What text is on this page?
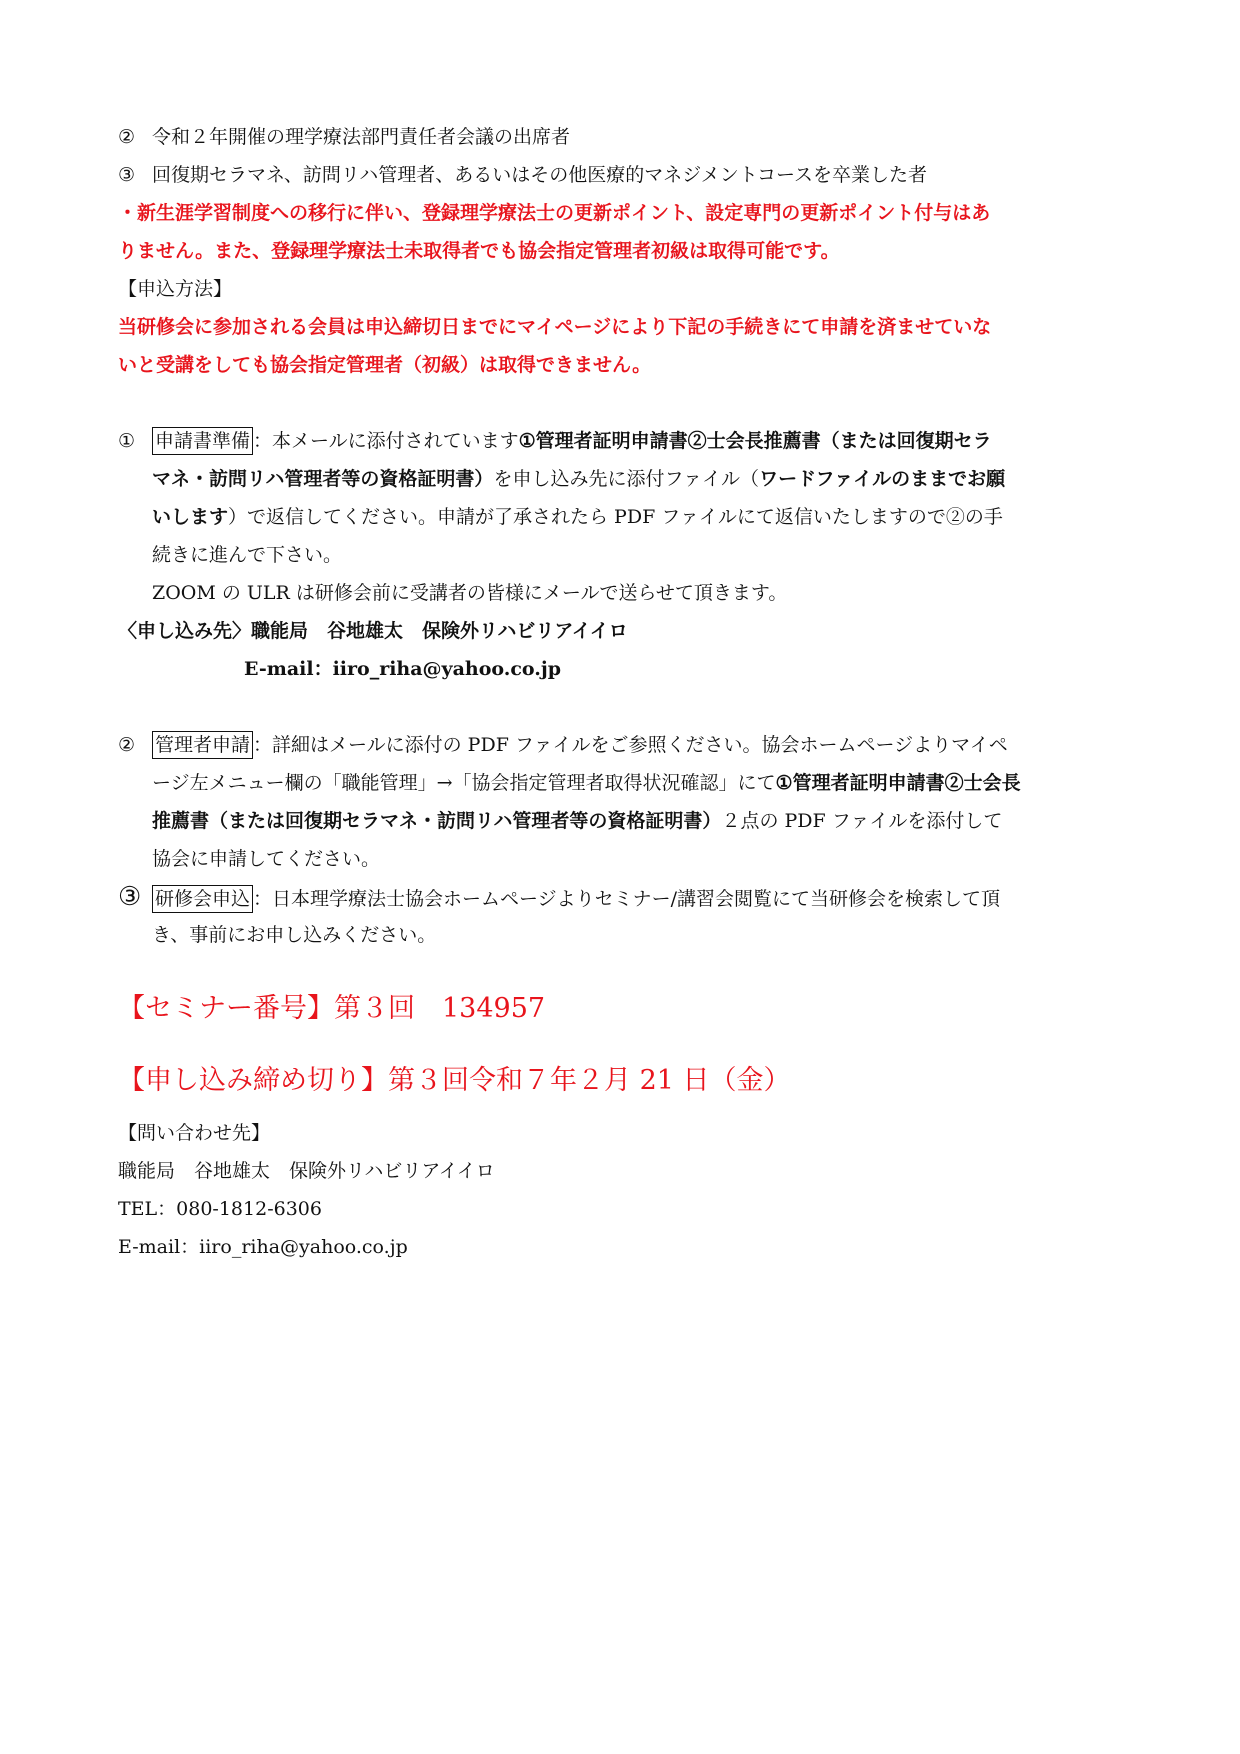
② 令和２年開催の理学療法部門責任者会議の出席者
③ 回復期セラマネ、訪問リハ管理者、あるいはその他医療的マネジメントコースを卒業した者
・新生涯学習制度への移行に伴い、登録理学療法士の更新ポイント、設定専門の更新ポイント付与はあ
りません。また、登録理学療法士未取得者でも協会指定管理者初級は取得可能です。
【申込方法】
当研修会に参加される会員は申込締切日までにマイページにより下記の手続きにて申請を済ませていな
いと受講をしても協会指定管理者（初級）は取得できません。
① 申請書準備 ：本メールに添付されています①管理者証明申請書②士会長推薦書（または回復期セラ
マネ・訪問リハ管理者等の資格証明書）を申し込み先に添付ファイル（ワードファイルのままでお願
いします）で返信してください。申請が了承されたら PDF ファイルにて返信いたしますので②の手
続きに進んで下さい。
ZOOM の ULR は研修会前に受講者の皆様にメールで送らせて頂きます。
〈申し込み先〉職能局　谷地雄太　保険外リハビリアイイロ
E-mail：iiro_riha@yahoo.co.jp
② 管理者申請 ：詳細はメールに添付の PDF ファイルをご参照ください。協会ホームページよりマイペ
ージ左メニュー欄の「職能管理」→「協会指定管理者取得状況確認」にて①管理者証明申請書②士会長
推薦書（または回復期セラマネ・訪問リハ管理者等の資格証明書）２点の PDF ファイルを添付して
協会に申請してください。
③ 研修会申込 ：日本理学療法士協会ホームページよりセミナー/講習会閲覧にて当研修会を検索して頂
き、事前にお申し込みください。
【セミナー番号】第３回　134957
【申し込み締め切り】第３回令和７年２月 21 日（金）
【問い合わせ先】
職能局　谷地雄太　保険外リハビリアイイロ
TEL：080-1812-6306
E-mail：iiro_riha@yahoo.co.jp
